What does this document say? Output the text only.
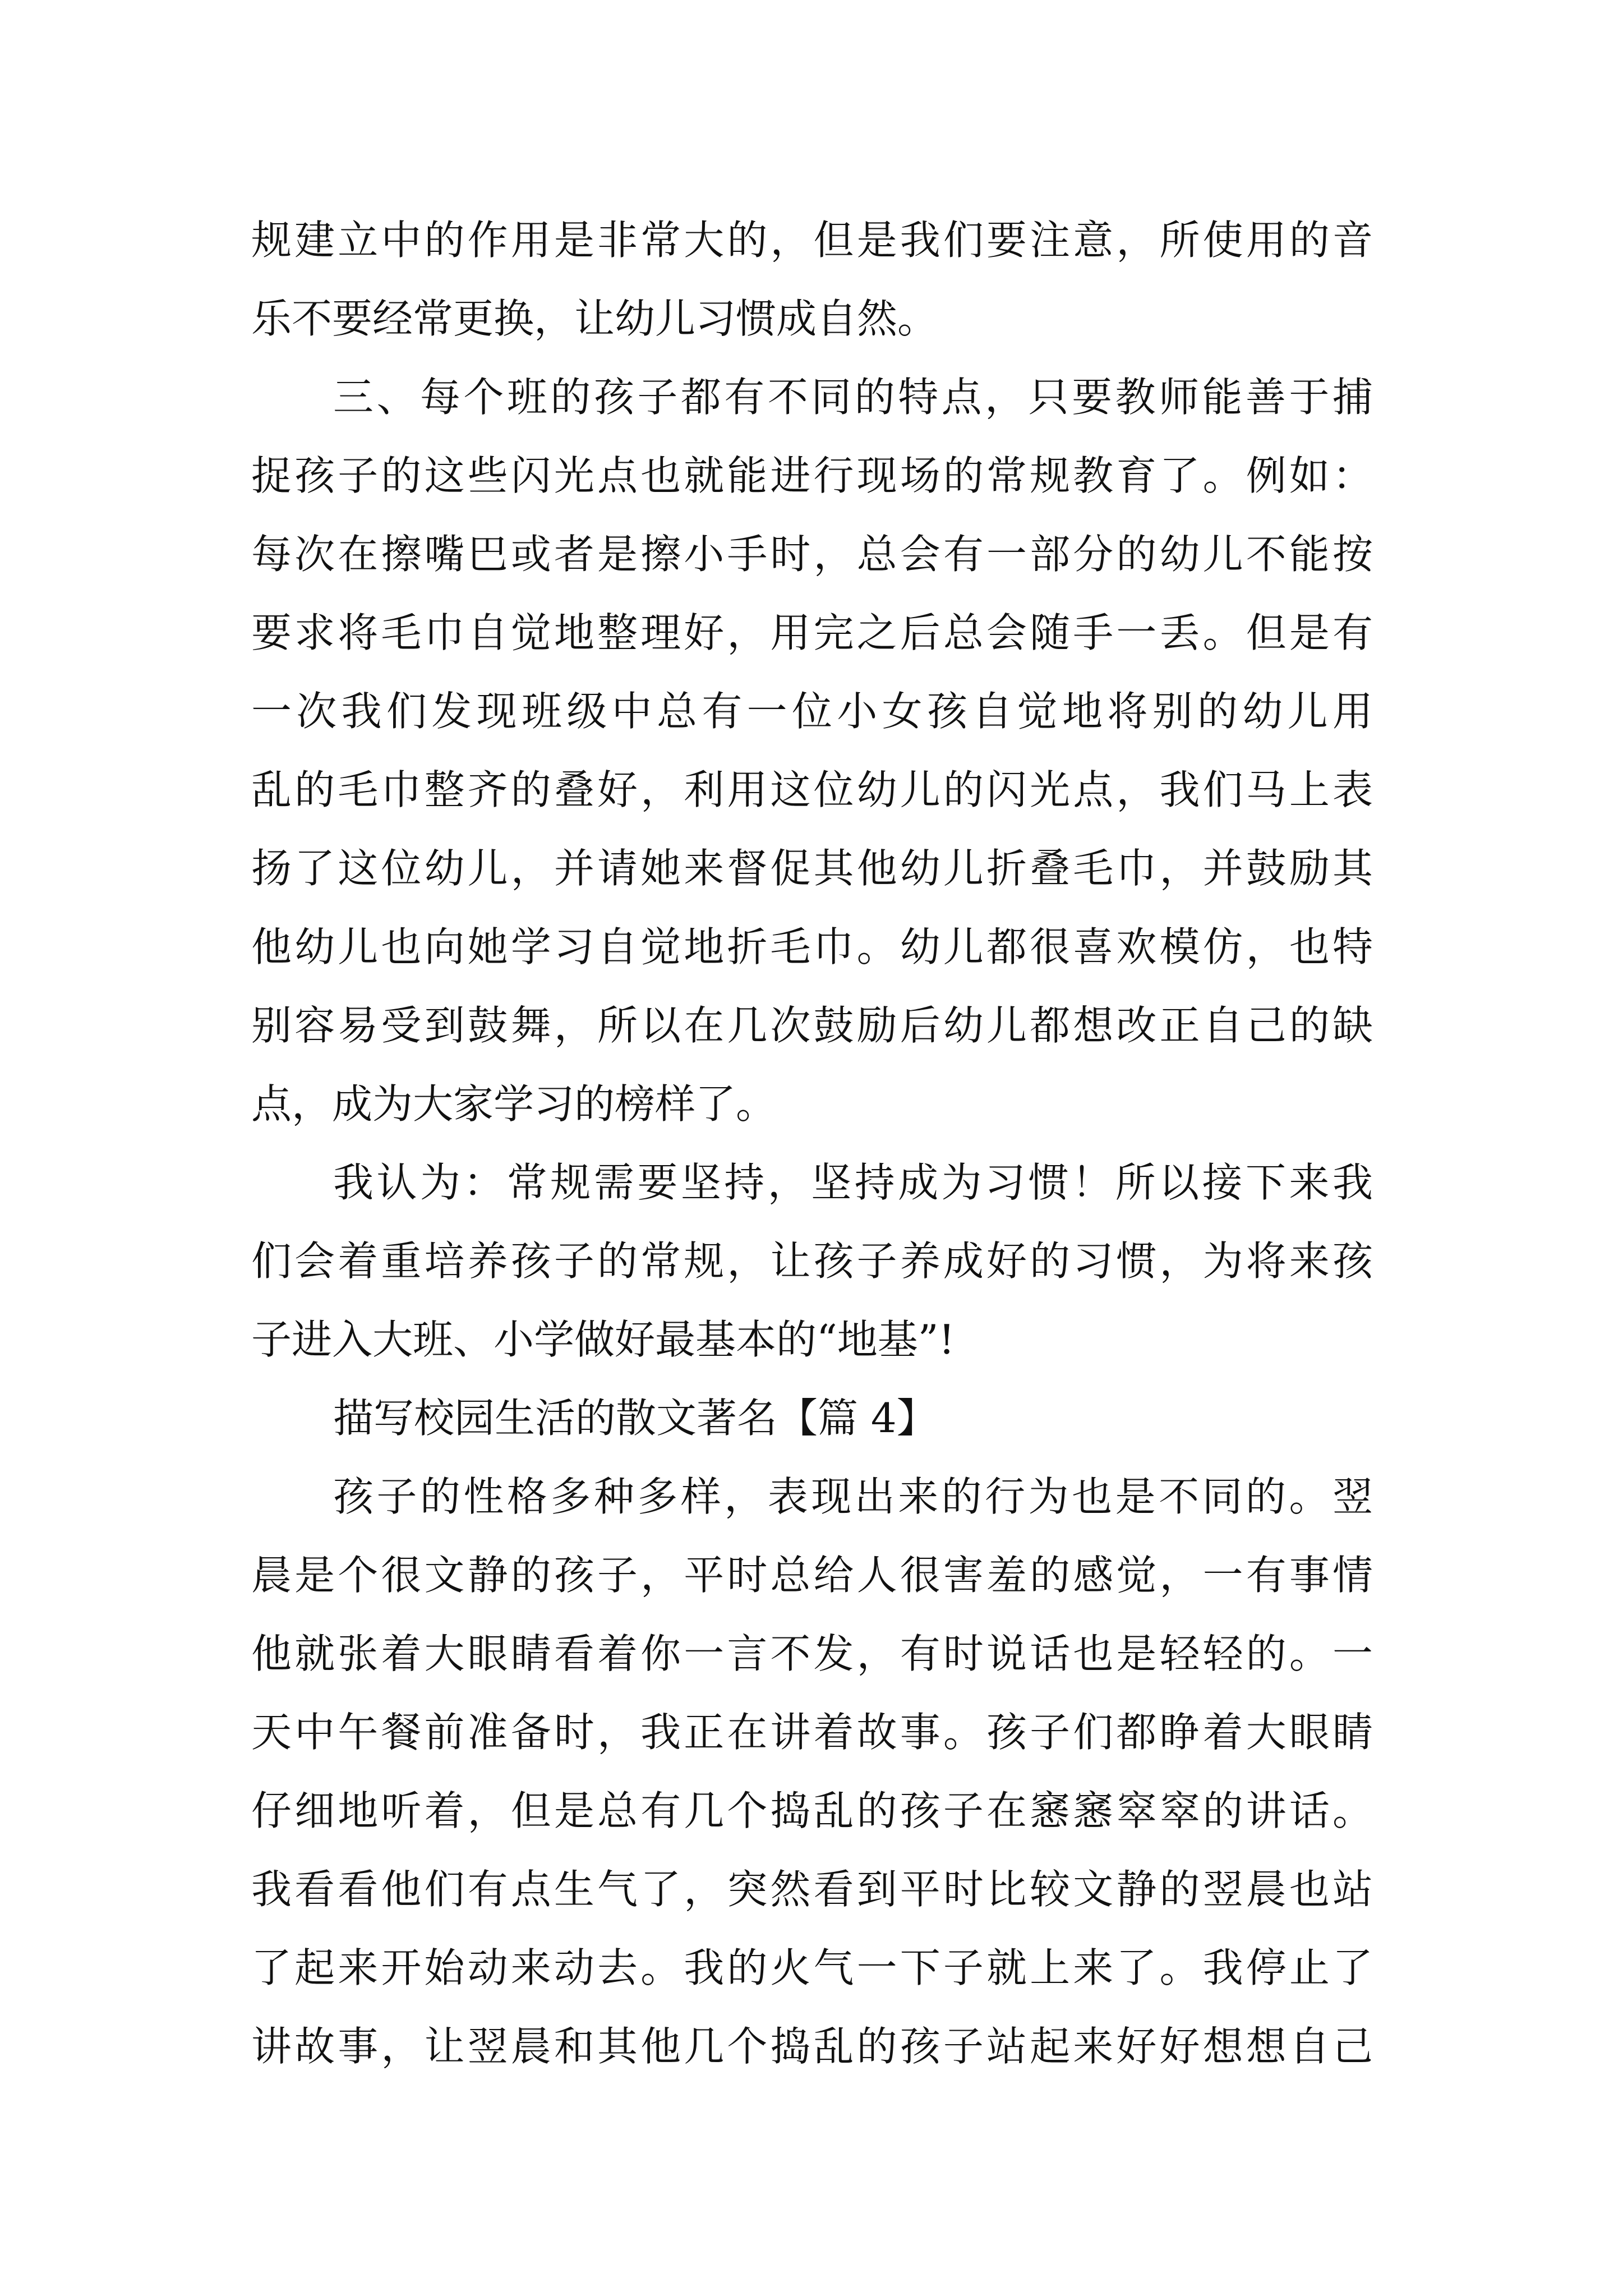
规建立中的作用是非常大的，但是我们要注意，所使用的音
乐不要经常更换，让幼儿习惯成自然。
三、每个班的孩子都有不同的特点，只要教师能善于捕
捉孩子的这些闪光点也就能进行现场的常规教育了。例如：
每次在擦嘴巴或者是擦小手时，总会有一部分的幼儿不能按
要求将毛巾自觉地整理好，用完之后总会随手一丢。但是有
一次我们发现班级中总有一位小女孩自觉地将别的幼儿用
乱的毛巾整齐的叠好，利用这位幼儿的闪光点，我们马上表
扬了这位幼儿，并请她来督促其他幼儿折叠毛巾，并鼓励其
他幼儿也向她学习自觉地折毛巾。幼儿都很喜欢模仿，也特
别容易受到鼓舞，所以在几次鼓励后幼儿都想改正自己的缺
点，成为大家学习的榜样了。
我认为：常规需要坚持，坚持成为习惯！所以接下来我
们会着重培养孩子的常规，让孩子养成好的习惯，为将来孩
子进入大班、小学做好最基本的“地基”!
描写校园生活的散文著名【篇 4】
孩子的性格多种多样，表现出来的行为也是不同的。翌
晨是个很文静的孩子，平时总给人很害羞的感觉，一有事情
他就张着大眼睛看着你一言不发，有时说话也是轻轻的。一
天中午餐前准备时，我正在讲着故事。孩子们都睁着大眼睛
仔细地听着，但是总有几个捣乱的孩子在窸窸窣窣的讲话。
我看看他们有点生气了，突然看到平时比较文静的翌晨也站
了起来开始动来动去。我的火气一下子就上来了。我停止了
讲故事，让翌晨和其他几个捣乱的孩子站起来好好想想自己
